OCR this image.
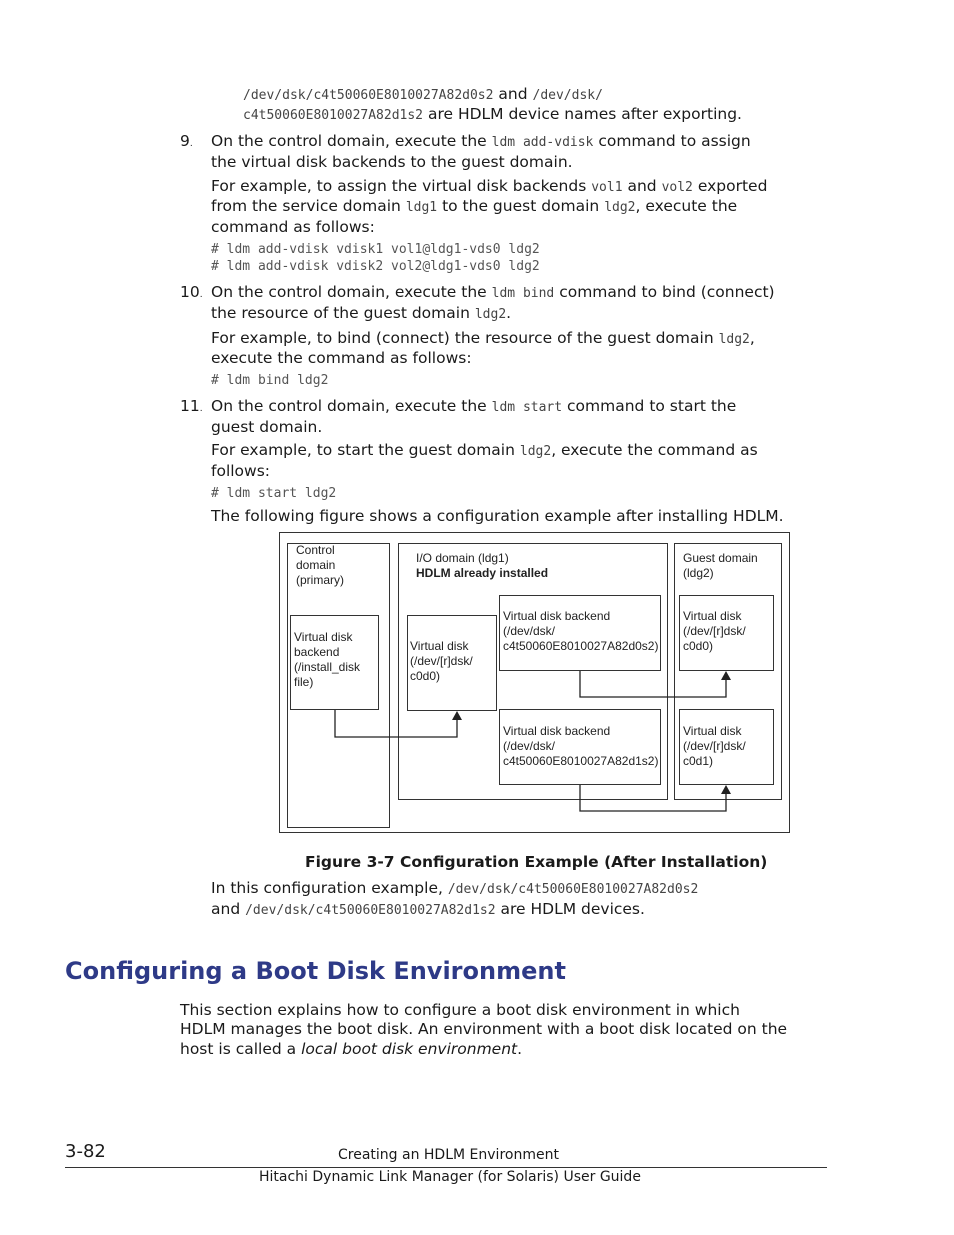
/dev/dsk/c4t50060E8010027A82d0s2 and /dev/dsk/
c4t50060E8010027A82d1s2 are HDLM device names after exporting.
9. On the control domain, execute the ldm add-vdisk command to assign
the virtual disk backends to the guest domain.
For example, to assign the virtual disk backends vol1 and vol2 exported
from the service domain ldg1 to the guest domain ldg2, execute the
command as follows:
# ldm add-vdisk vdisk1 vol1@ldg1-vds0 ldg2
# ldm add-vdisk vdisk2 vol2@ldg1-vds0 ldg2
10. On the control domain, execute the ldm bind command to bind (connect)
the resource of the guest domain ldg2.
For example, to bind (connect) the resource of the guest domain ldg2,
execute the command as follows:
# ldm bind ldg2
11. On the control domain, execute the ldm start command to start the
guest domain.
For example, to start the guest domain ldg2, execute the command as
follows:
# ldm start ldg2
The following figure shows a configuration example after installing HDLM.
Control
domain
(primary)
Virtual disk
backend
(/install_disk
file)
I/O domain (ldg1)
HDLM already installed
Virtual disk
(/dev/[r]dsk/
c0d0)
Virtual disk backend
(/dev/dsk/
c4t50060E8010027A82d0s2)
Virtual disk backend
(/dev/dsk/
c4t50060E8010027A82d1s2)
Guest domain
(ldg2)
Virtual disk
(/dev/[r]dsk/
c0d0)
Virtual disk
(/dev/[r]dsk/
c0d1)
Figure 3-7 Configuration Example (After Installation)
In this configuration example, /dev/dsk/c4t50060E8010027A82d0s2
and /dev/dsk/c4t50060E8010027A82d1s2 are HDLM devices.
Configuring a Boot Disk Environment
This section explains how to configure a boot disk environment in which
HDLM manages the boot disk. An environment with a boot disk located on the
host is called a local boot disk environment.
3-82	Creating an HDLM Environment
Hitachi Dynamic Link Manager (for Solaris) User Guide
